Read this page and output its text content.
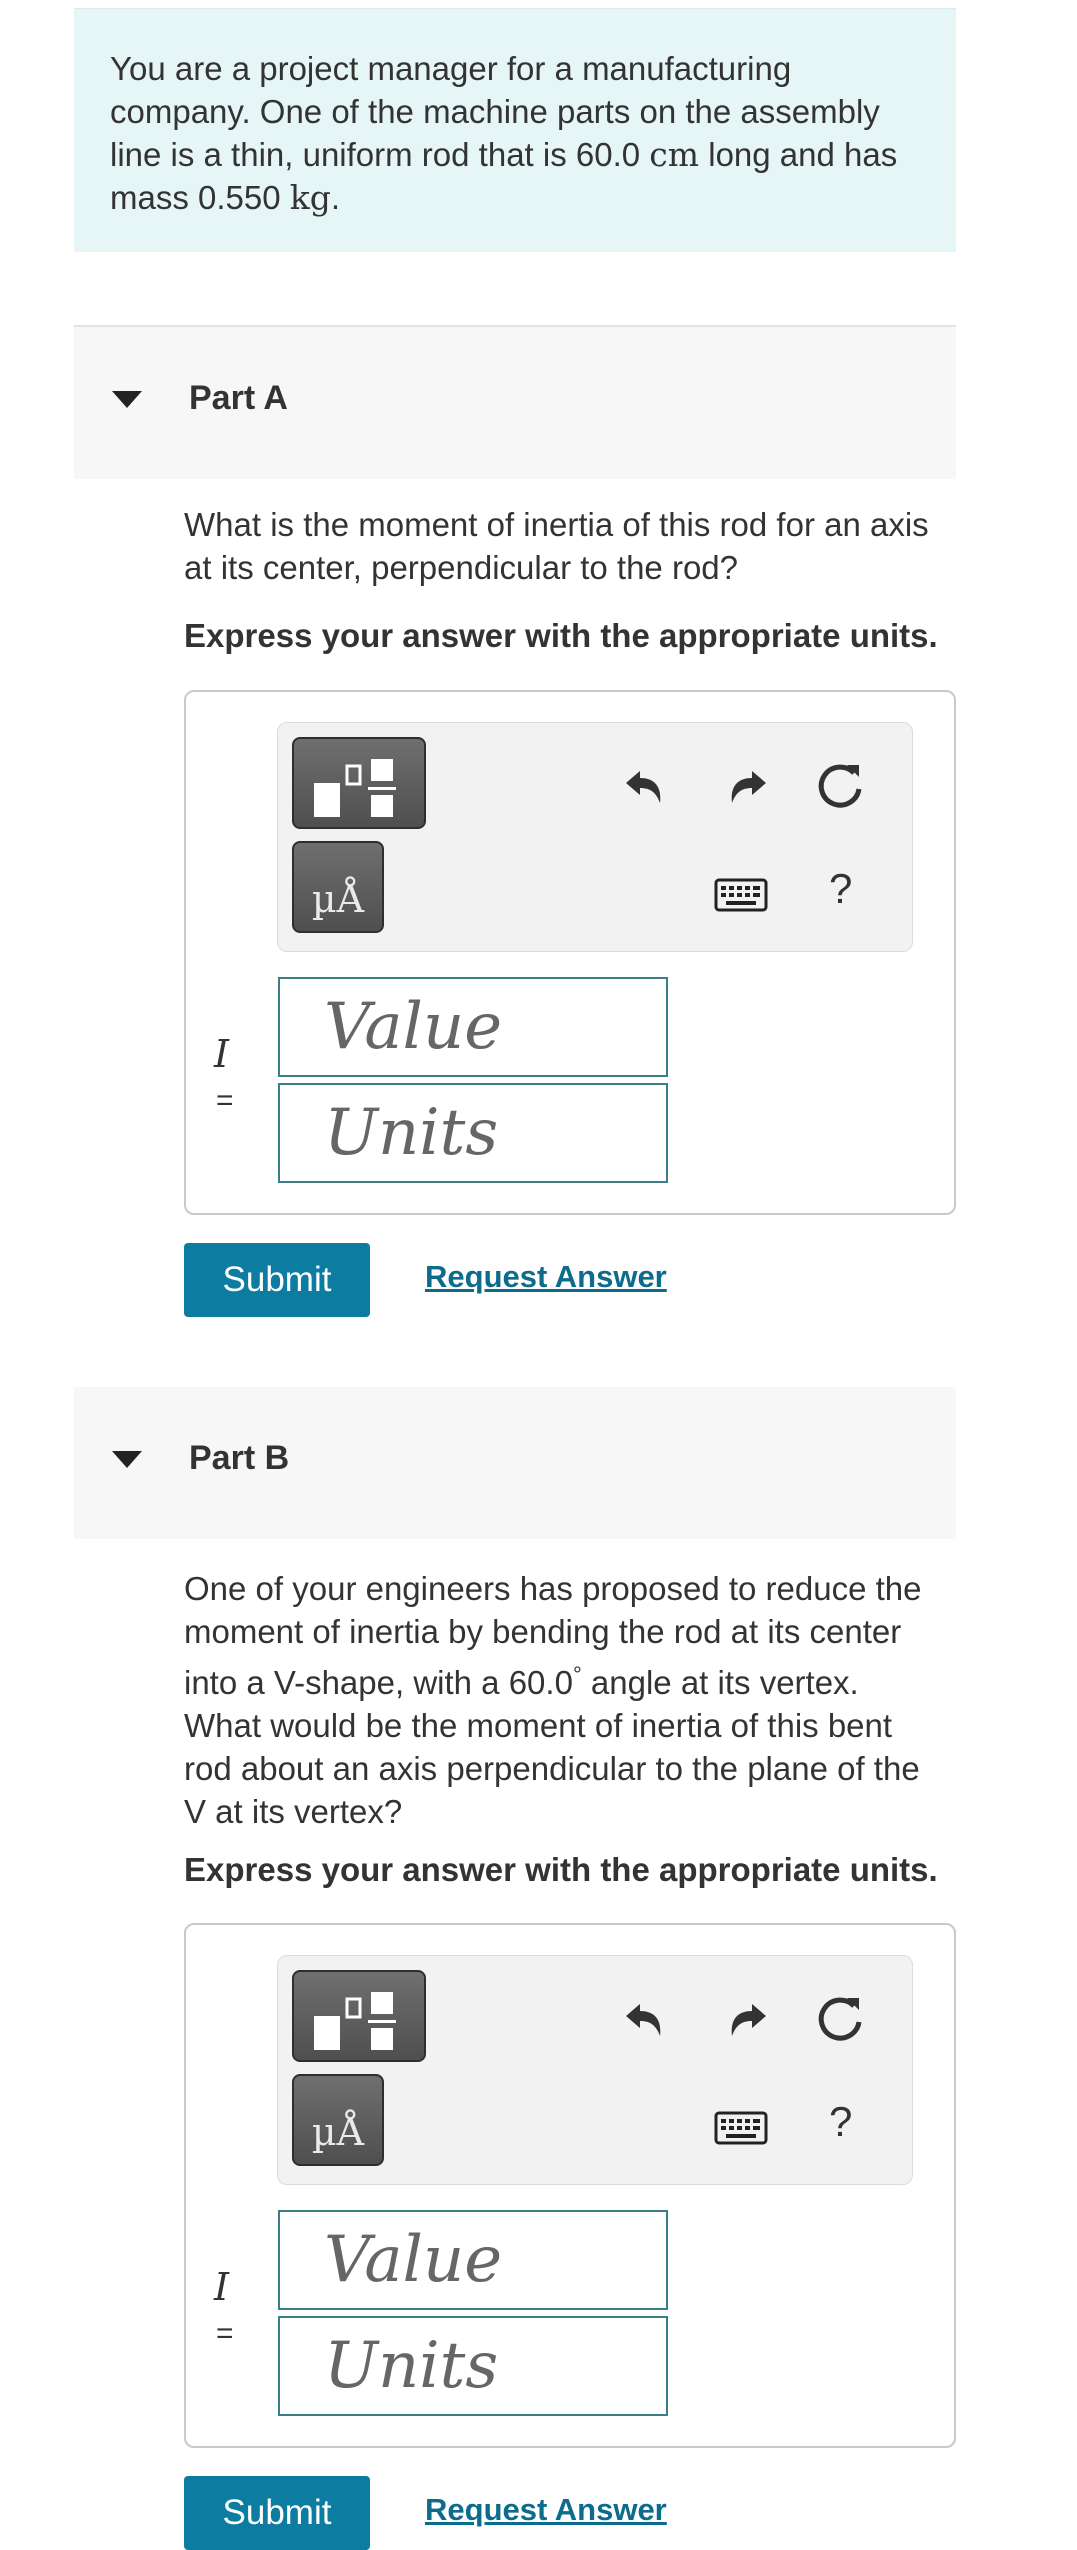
You are a project manager for a manufacturing company. One of the machine parts on the assembly line is a thin, uniform rod that is 60.0 cm long and has mass 0.550 kg.
Part A
What is the moment of inertia of this rod for an axis at its center, perpendicular to the rod?
Express your answer with the appropriate units.
µÅ	?
I
=
Value
Units
Submit	Request Answer
Part B
One of your engineers has proposed to reduce the moment of inertia by bending the rod at its center into a V-shape, with a 60.0° angle at its vertex. What would be the moment of inertia of this bent rod about an axis perpendicular to the plane of the V at its vertex?
Express your answer with the appropriate units.
µÅ	?
I
=
Value
Units
Submit	Request Answer
